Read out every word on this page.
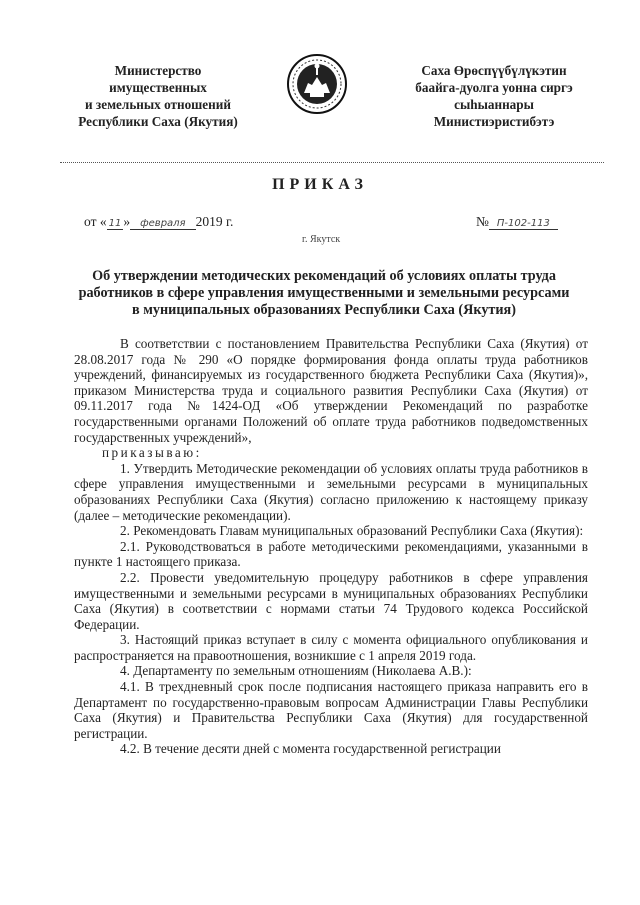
Министерство
имущественных
и земельных отношений
Республики Саха (Якутия)
Саха Өрөспүүбүлүкэтин
баайга-дуолга уонна сиргэ
сыһыаннары
Министиэристибэтэ
ПРИКАЗ
от « 11 » февраля 2019 г.	№ П-102-113
г. Якутск
Об утверждении методических рекомендаций об условиях оплаты труда работников в сфере управления имущественными и земельными ресурсами в муниципальных образованиях Республики Саха (Якутия)

В соответствии с постановлением Правительства Республики Саха (Якутия) от 28.08.2017 года № 290 «О порядке формирования фонда оплаты труда работников учреждений, финансируемых из государственного бюджета Республики Саха (Якутия)», приказом Министерства труда и социального развития Республики Саха (Якутия) от 09.11.2017 года №1424-ОД «Об утверждении Рекомендаций по разработке государственными органами Положений об оплате труда работников подведомственных государственных учреждений»,

приказываю:

1. Утвердить Методические рекомендации об условиях оплаты труда работников в сфере управления имущественными и земельными ресурсами в муниципальных образованиях Республики Саха (Якутия) согласно приложению к настоящему приказу (далее – методические рекомендации).

2. Рекомендовать Главам муниципальных образований Республики Саха (Якутия):

2.1. Руководствоваться в работе методическими рекомендациями, указанными в пункте 1 настоящего приказа.

2.2. Провести уведомительную процедуру работников в сфере управления имущественными и земельными ресурсами в муниципальных образованиях Республики Саха (Якутия) в соответствии с нормами статьи 74 Трудового кодекса Российской Федерации.

3. Настоящий приказ вступает в силу с момента официального опубликования и распространяется на правоотношения, возникшие с 1 апреля 2019 года.

4. Департаменту по земельным отношениям (Николаева А.В.):

4.1. В трехдневный срок после подписания настоящего приказа направить его в Департамент по государственно-правовым вопросам Администрации Главы Республики Саха (Якутия) и Правительства Республики Саха (Якутия) для государственной регистрации.

4.2. В течение десяти дней с момента государственной регистрации
